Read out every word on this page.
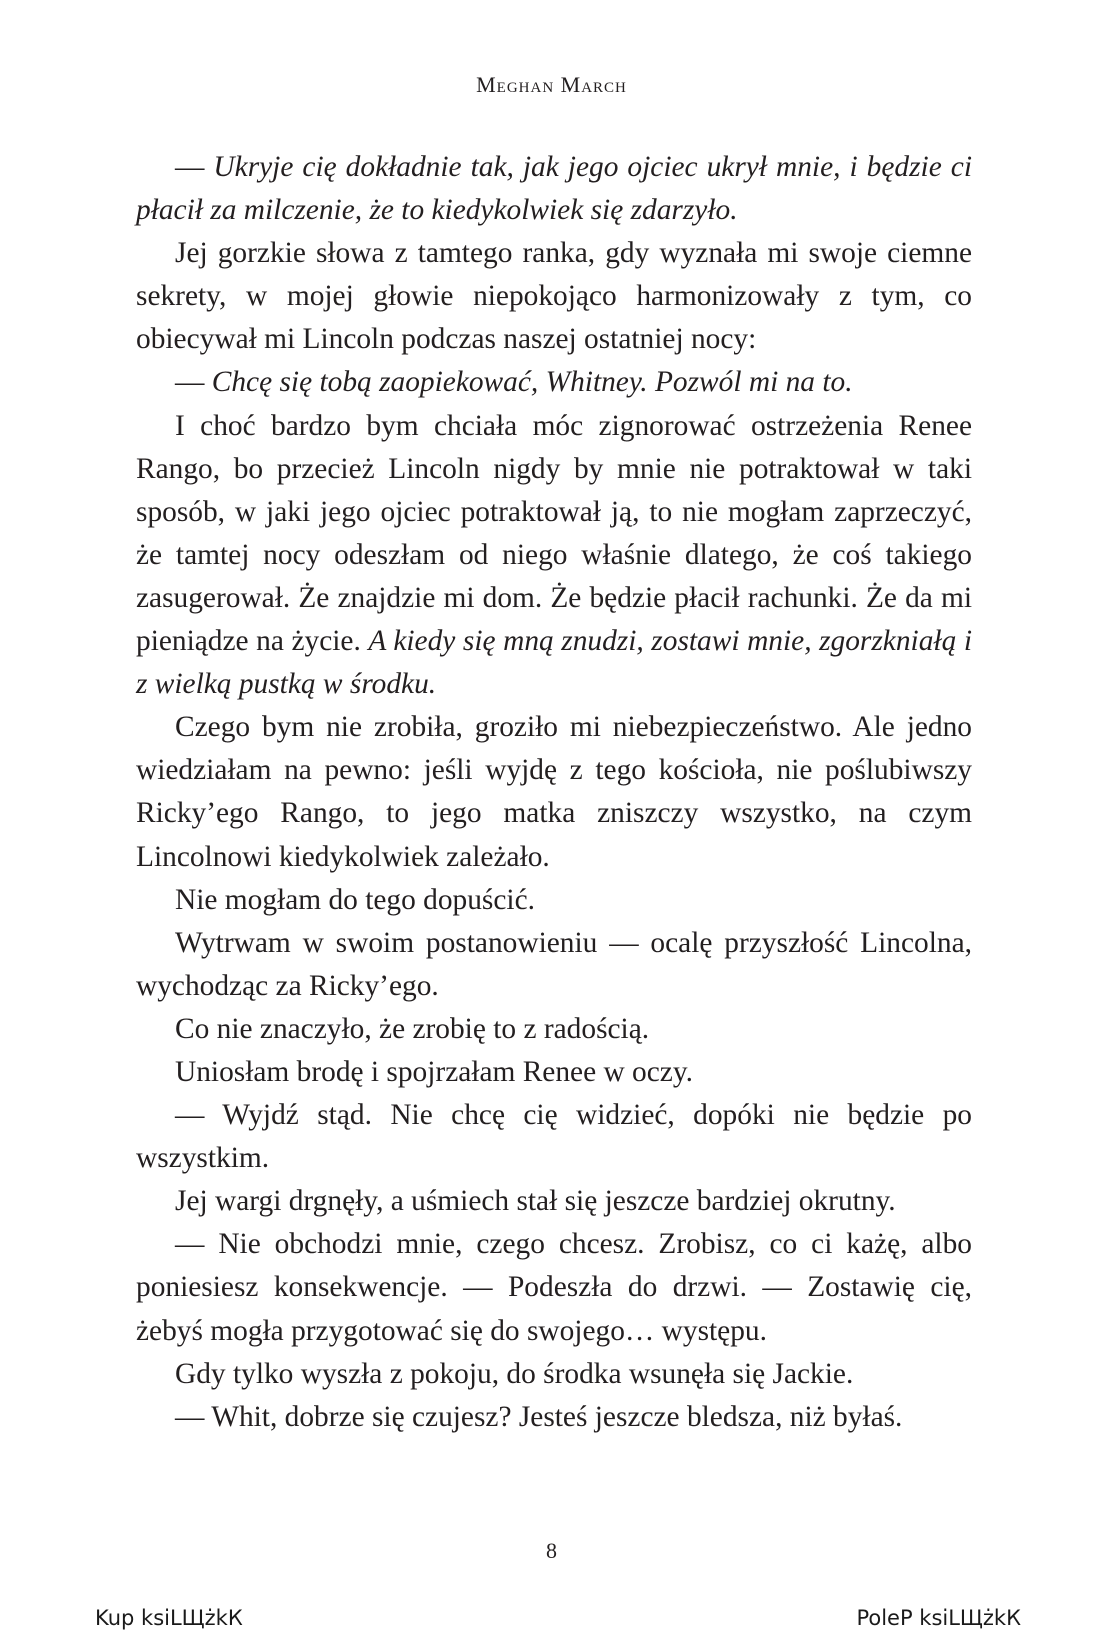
Meghan March

— Ukryje cię dokładnie tak, jak jego ojciec ukrył mnie, i będzie ci płacił za milczenie, że to kiedykolwiek się zdarzyło.

Jej gorzkie słowa z tamtego ranka, gdy wyznała mi swoje ciemne sekrety, w mojej głowie niepokojąco harmonizowały z tym, co obiecywał mi Lincoln podczas naszej ostatniej nocy:

— Chcę się tobą zaopiekować, Whitney. Pozwól mi na to.

I choć bardzo bym chciała móc zignorować ostrzeżenia Renee Rango, bo przecież Lincoln nigdy by mnie nie potraktował w taki sposób, w jaki jego ojciec potraktował ją, to nie mogłam zaprzeczyć, że tamtej nocy odeszłam od niego właśnie dlatego, że coś takiego zasugerował. Że znajdzie mi dom. Że będzie płacił rachunki. Że da mi pieniądze na życie. A kiedy się mną znudzi, zostawi mnie, zgorzkniałą i z wielką pustką w środku.

Czego bym nie zrobiła, groziło mi niebezpieczeństwo. Ale jedno wiedziałam na pewno: jeśli wyjdę z tego kościoła, nie poślubiwszy Ricky’ego Rango, to jego matka zniszczy wszystko, na czym Lincolnowi kiedykolwiek zależało.

Nie mogłam do tego dopuścić.

Wytrwam w swoim postanowieniu — ocalę przyszłość Lincolna, wychodząc za Ricky’ego.

Co nie znaczyło, że zrobię to z radością.

Uniosłam brodę i spojrzałam Renee w oczy.

— Wyjdź stąd. Nie chcę cię widzieć, dopóki nie będzie po wszystkim.

Jej wargi drgnęły, a uśmiech stał się jeszcze bardziej okrutny.

— Nie obchodzi mnie, czego chcesz. Zrobisz, co ci każę, albo poniesiesz konsekwencje. — Podeszła do drzwi. — Zostawię cię, żebyś mogła przygotować się do swojego… występu.

Gdy tylko wyszła z pokoju, do środka wsunęła się Jackie.

— Whit, dobrze się czujesz? Jesteś jeszcze bledsza, niż byłaś.

8
Kup ksiLЩżkК	PoleP ksiLЩżkК
